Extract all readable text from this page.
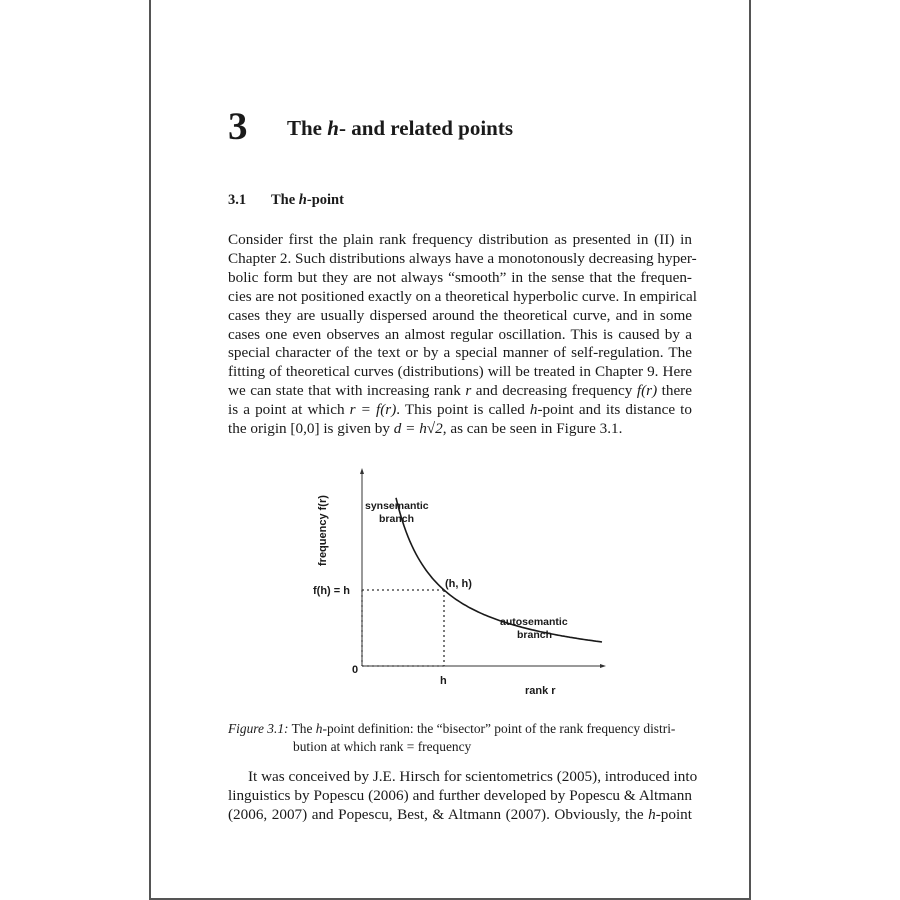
3 The h- and related points
3.1 The h-point
Consider first the plain rank frequency distribution as presented in (II) in
Chapter 2. Such distributions always have a monotonously decreasing hyper-
bolic form but they are not always “smooth” in the sense that the frequen-
cies are not positioned exactly on a theoretical hyperbolic curve. In empirical
cases they are usually dispersed around the theoretical curve, and in some
cases one even observes an almost regular oscillation. This is caused by a
special character of the text or by a special manner of self-regulation. The
fitting of theoretical curves (distributions) will be treated in Chapter 9. Here
we can state that with increasing rank r and decreasing frequency f(r) there
is a point at which r = f(r). This point is called h-point and its distance to
the origin [0,0] is given by d = h√2, as can be seen in Figure 3.1.
frequency f(r)
rank r
0
h
f(h) = h
(h, h)
synsemantic
branch
autosemantic
branch
Figure 3.1: The h-point definition: the “bisector” point of the rank frequency distri-
bution at which rank = frequency
It was conceived by J.E. Hirsch for scientometrics (2005), introduced into
linguistics by Popescu (2006) and further developed by Popescu & Altmann
(2006, 2007) and Popescu, Best, & Altmann (2007). Obviously, the h-point
